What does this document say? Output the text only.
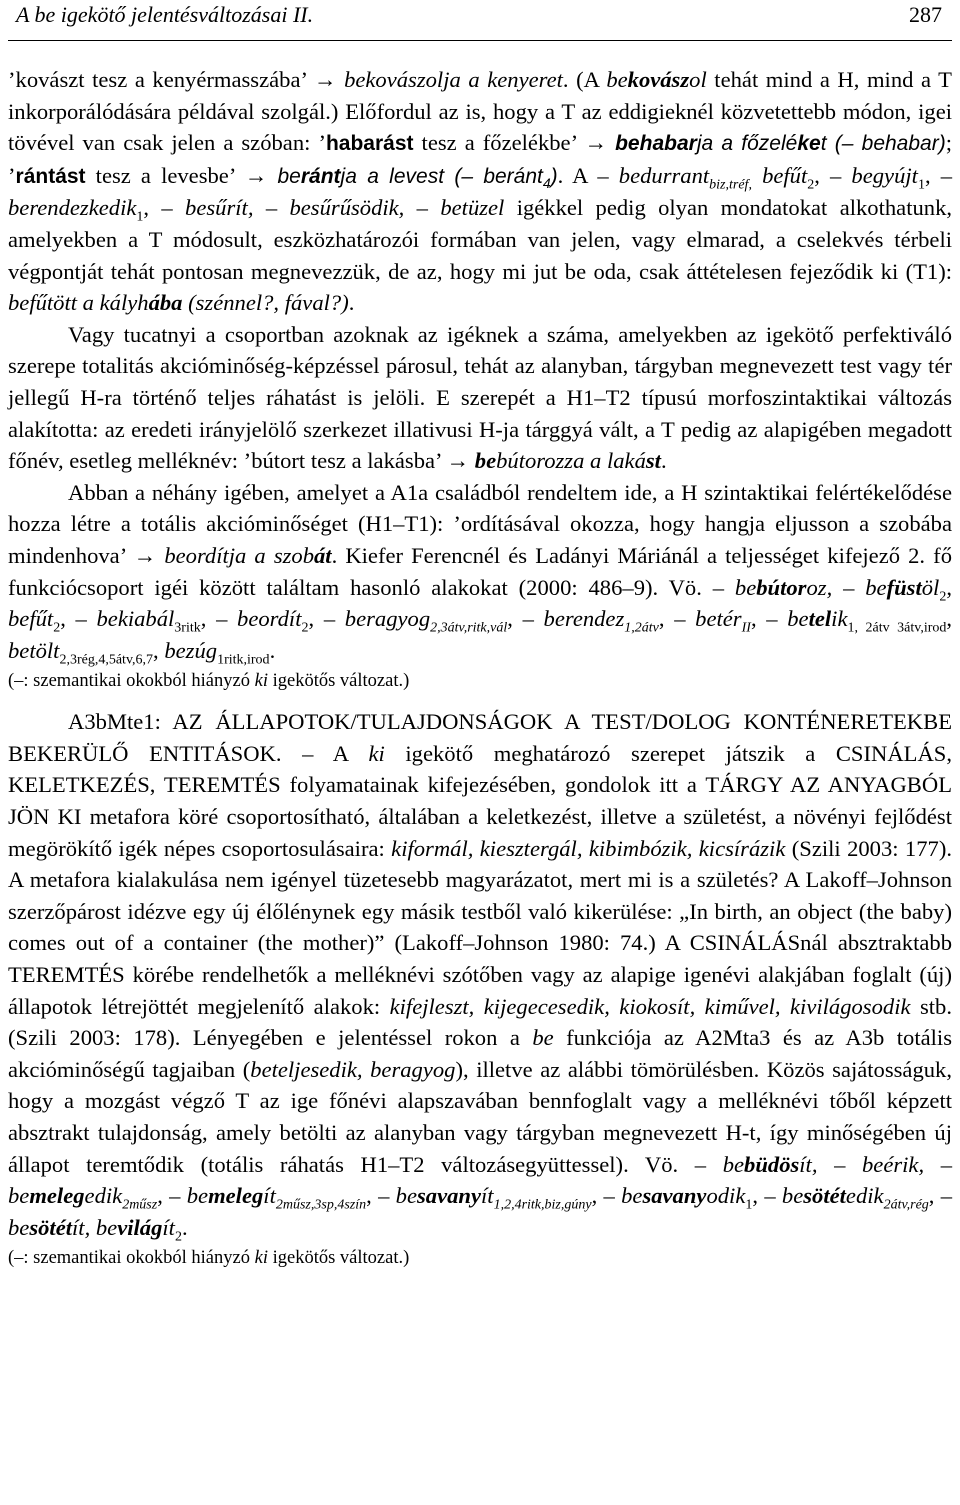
A be igekötő jelentésváltozásai II.	287

’kovászt tesz a kenyérmasszába’ → bekovászolja a kenyeret. (A bekovászol tehát mind a H, mind a T inkorporálódására példával szolgál.) Előfordul az is, hogy a T az eddigieknél közvetettebb módon, igei tövével van csak jelen a szóban: ’habarást tesz a főzelékbe’ → behabarja a főzeléket (– behabar); ’rántást tesz a levesbe’ → berántja a levest (– beránt$_4$). A – bedurrant$_{biz,tréf,}$ befűt$_2$, – begyújt$_1$, – berendezkedik$_1$, – besűrít, – besűrűsödik, – betüzel igékkel pedig olyan mondatokat alkothatunk, amelyekben a T módosult, eszközhatározói formában van jelen, vagy elmarad, a cselekvés térbeli végpontját tehát pontosan megnevezzük, de az, hogy mi jut be oda, csak áttételesen fejeződik ki (T1): befűtött a kályhába (szénnel?, fával?).

Vagy tucatnyi a csoportban azoknak az igéknek a száma, amelyekben az igekötő perfektiváló szerepe totalitás akcióminőség-képzéssel párosul, tehát az alanyban, tárgyban megnevezett test vagy tér jellegű H-ra történő teljes ráhatást is jelöli. E szerepét a H1–T2 típusú morfoszintaktikai változás alakította: az eredeti irányjelölő szerkezet illativusi H-ja tárggyá vált, a T pedig az alapigében megadott főnév, esetleg melléknév: ’bútort tesz a lakásba’ → bebútorozza a lakást.

Abban a néhány igében, amelyet a A1a családból rendeltem ide, a H szintaktikai felértékelődése hozza létre a totális akcióminőséget (H1–T1): ’ordításával okozza, hogy hangja eljusson a szobába mindenhova’ → beordítja a szobát. Kiefer Ferencnél és Ladányi Máriánál a teljességet kifejező 2. fő funkciócsoport igéi között találtam hasonló alakokat (2000: 486–9). Vö. – bebútoroz, – befüstöl$_2$, befűt$_2$, – bekiabál$_{3ritk}$, – beordít$_2$, – beragyog$_{2,3átv,ritk,vál}$, – berendez$_{1,2átv}$, – betér$_{II}$, – betelik$_{1, 2átv 3átv,irod}$, betölt$_{2,3rég,4,5átv,6,7}$, bezúg$_{1ritk,irod}$.

(–: szemantikai okokból hiányzó ki igekötős változat.)

A3bMte1: AZ ÁLLAPOTOK/TULAJDONSÁGOK A TEST/DOLOG KONTÉNERETEKBE BEKERÜLŐ ENTITÁSOK. – A ki igekötő meghatározó szerepet játszik a CSINÁLÁS, KELETKEZÉS, TEREMTÉS folyamatainak kifejezésében, gondolok itt a TÁRGY AZ ANYAGBÓL JÖN KI metafora köré csoportosítható, általában a keletkezést, illetve a születést, a növényi fejlődést megörökítő igék népes csoportosulásaira: kiformál, kiesztergál, kibimbózik, kicsírázik (Szili 2003: 177). A metafora kialakulása nem igényel tüzetesebb magyarázatot, mert mi is a születés? A Lakoff–Johnson szerzőpárost idézve egy új élőlénynek egy másik testből való kikerülése: „In birth, an object (the baby) comes out of a container (the mother)” (Lakoff–Johnson 1980: 74.) A CSINÁLÁSnál absztraktabb TEREMTÉS körébe rendelhetők a melléknévi szótőben vagy az alapige igenévi alakjában foglalt (új) állapotok létrejöttét megjelenítő alakok: kifejleszt, kijegecesedik, kiokosít, kiművel, kivilágosodik stb. (Szili 2003: 178). Lényegében e jelentéssel rokon a be funkciója az A2Mta3 és az A3b totális akcióminőségű tagjaiban (beteljesedik, beragyog), illetve az alábbi tömörülésben. Közös sajátosságuk, hogy a mozgást végző T az ige főnévi alapszavában bennfoglalt vagy a melléknévi tőből képzett absztrakt tulajdonság, amely betölti az alanyban vagy tárgyban megnevezett H-t, így minőségében új állapot teremtődik (totális ráhatás H1–T2 változásegyüttessel). Vö. – bebüdösít, – beérik, – bemelegedik$_{2műsz}$, – bemelegít$_{2műsz,3sp,4szín}$, – besavanyít$_{1,2,4ritk,biz,gúny}$, – besavanyodik$_1$, – besötétedik$_{2átv,rég}$, – besötétít, bevilágít$_2$.

(–: szemantikai okokból hiányzó ki igekötős változat.)
